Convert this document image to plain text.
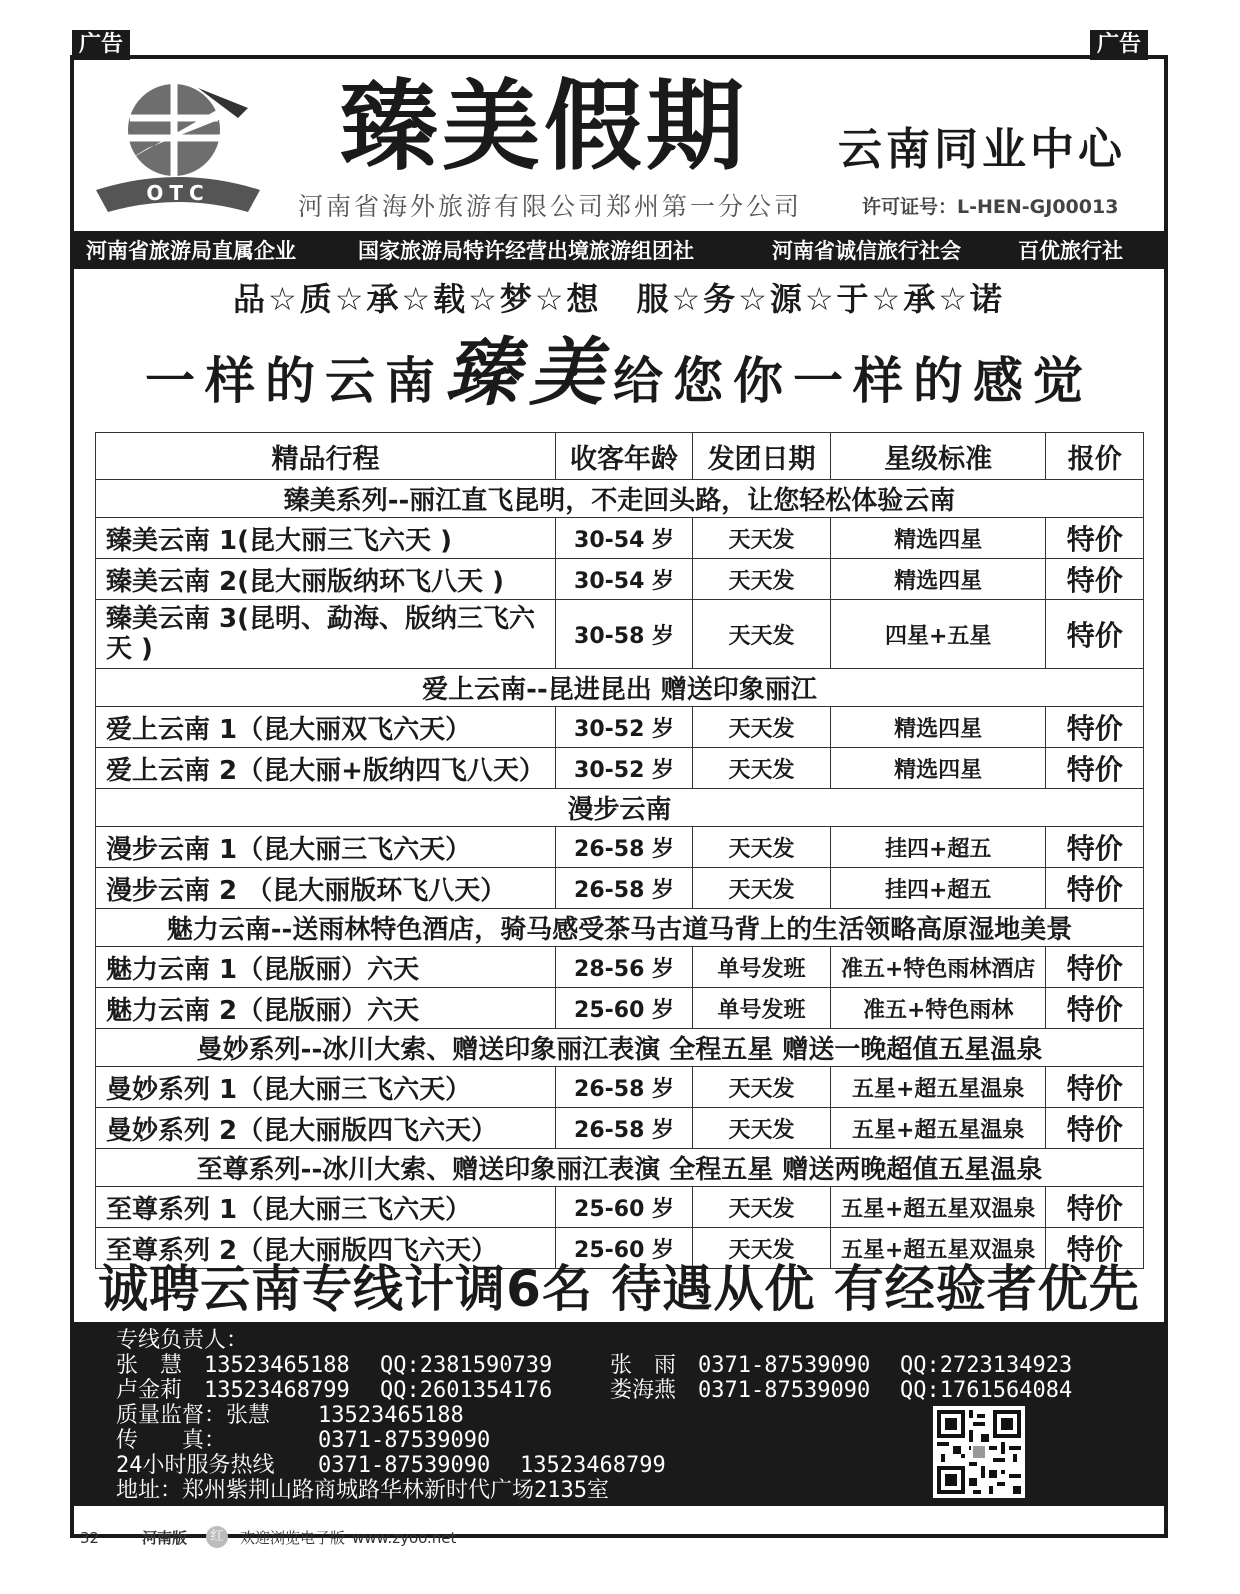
广告	广告
OTC
臻美假期 云南同业中心
河南省海外旅游有限公司郑州第一分公司	许可证号：L-HEN-GJ00013
河南省旅游局直属企业	国家旅游局特许经营出境旅游组团社	河南省诚信旅行社会	百优旅行社
品☆质☆承☆载☆梦☆想　服☆务☆源☆于☆承☆诺
一样的云南臻美给您你一样的感觉
精品行程	收客年龄	发团日期	星级标准	报价
臻美系列--丽江直飞昆明，不走回头路，让您轻松体验云南				
臻美云南 1(昆大丽三飞六天 )	30-54 岁	天天发	精选四星	特价
臻美云南 2(昆大丽版纳环飞八天 )	30-54 岁	天天发	精选四星	特价
臻美云南 3(昆明、勐海、版纳三飞六天 )	30-58 岁	天天发	四星+五星	特价
爱上云南--昆进昆出 赠送印象丽江				
爱上云南 1（昆大丽双飞六天）	30-52 岁	天天发	精选四星	特价
爱上云南 2（昆大丽+版纳四飞八天）	30-52 岁	天天发	精选四星	特价
漫步云南				
漫步云南 1（昆大丽三飞六天）	26-58 岁	天天发	挂四+超五	特价
漫步云南 2 （昆大丽版环飞八天）	26-58 岁	天天发	挂四+超五	特价
魅力云南--送雨林特色酒店，骑马感受茶马古道马背上的生活领略高原湿地美景				
魅力云南 1（昆版丽）六天	28-56 岁	单号发班	准五+特色雨林酒店	特价
魅力云南 2（昆版丽）六天	25-60 岁	单号发班	准五+特色雨林	特价
曼妙系列--冰川大索、赠送印象丽江表演 全程五星 赠送一晚超值五星温泉				
曼妙系列 1（昆大丽三飞六天）	26-58 岁	天天发	五星+超五星温泉	特价
曼妙系列 2（昆大丽版四飞六天）	26-58 岁	天天发	五星+超五星温泉	特价
至尊系列--冰川大索、赠送印象丽江表演 全程五星 赠送两晚超值五星温泉				
至尊系列 1（昆大丽三飞六天）	25-60 岁	天天发	五星+超五星双温泉	特价
至尊系列 2（昆大丽版四飞六天）	25-60 岁	天天发	五星+超五星双温泉	特价
诚聘云南专线计调6名 待遇从优 有经验者优先
专线负责人：
张　慧 13523465188 QQ:2381590739	张　雨 0371-87539090 QQ:2723134923
卢金莉 13523468799 QQ:2601354176	娄海燕 0371-87539090 QQ:1761564084
质量监督：张慧 13523465188
传　　真：	0371-87539090
24小时服务热线 0371-87539090 13523468799
地址：郑州紫荆山路商城路华林新时代广场2135室
32	河南版	红	欢迎浏览电子版 www.zyoo.net
